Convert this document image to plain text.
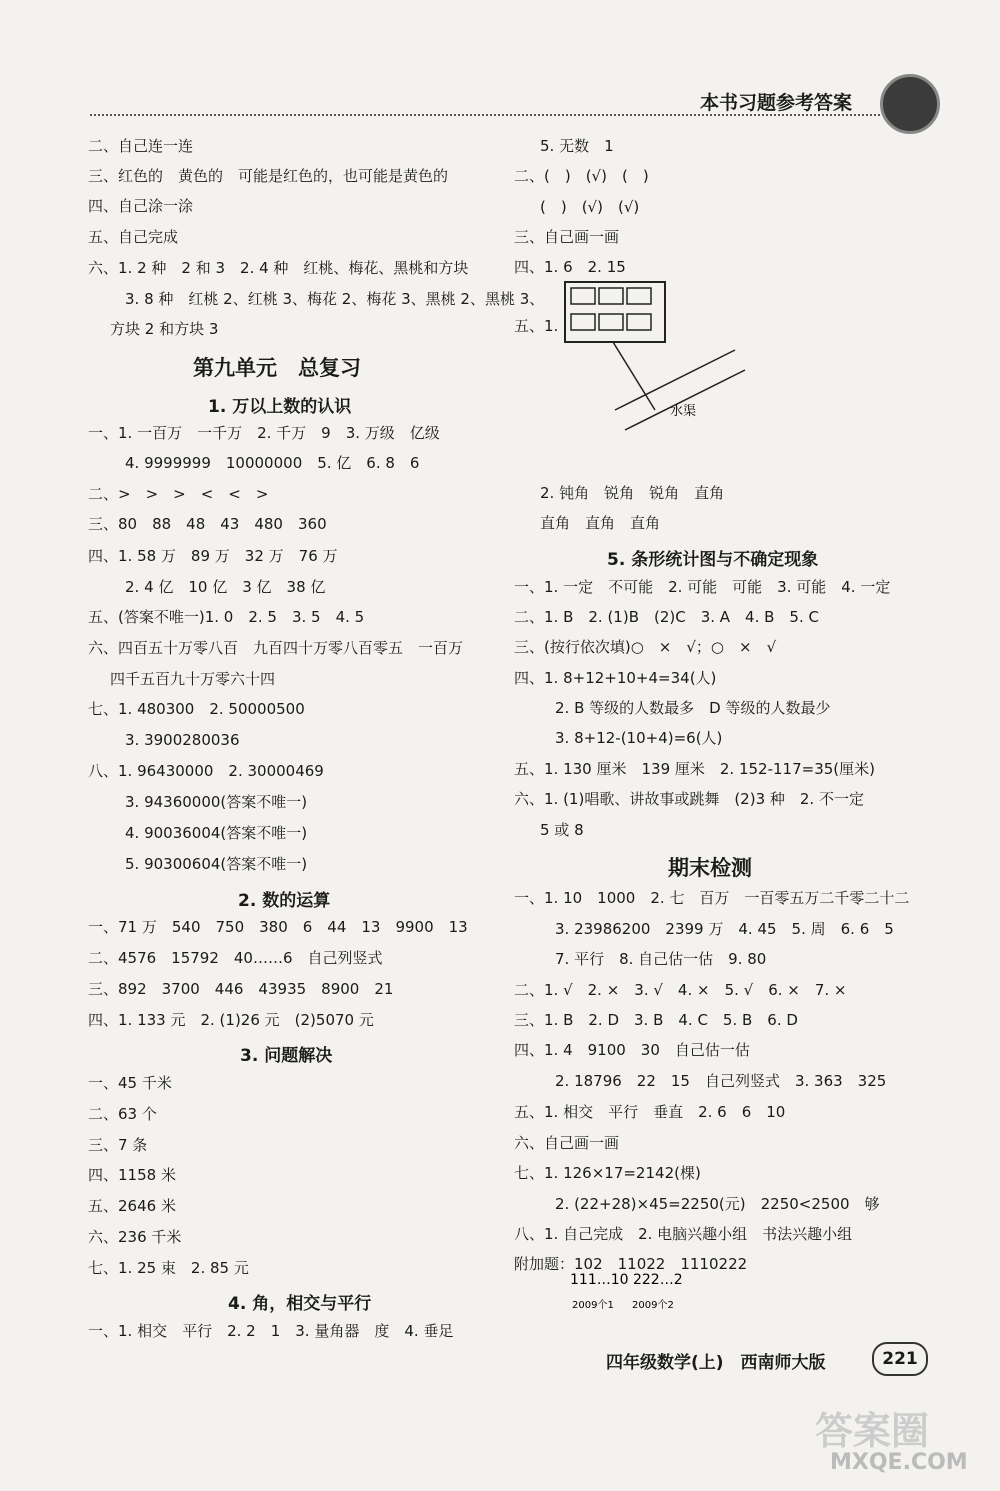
本书习题参考答案
水渠
111…10 222…2
2009个1 2009个2
四年级数学(上)　西南师大版	221
答案圈
MXQE.COM
二、自己连一连
三、红色的　黄色的　可能是红色的，也可能是黄色的
四、自己涂一涂
五、自己完成
六、1. 2 种　2 和 3　2. 4 种　红桃、梅花、黑桃和方块
　3. 8 种　红桃 2、红桃 3、梅花 2、梅花 3、黑桃 2、黑桃 3、
方块 2 和方块 3
第九单元　总复习
1. 万以上数的认识
一、1. 一百万　一千万　2. 千万　9　3. 万级　亿级
　4. 9999999　10000000　5. 亿　6. 8　6
二、>　>　>　<　<　>
三、80　88　48　43　480　360
四、1. 58 万　89 万　32 万　76 万
　2. 4 亿　10 亿　3 亿　38 亿
五、(答案不唯一)1. 0　2. 5　3. 5　4. 5
六、四百五十万零八百　九百四十万零八百零五　一百万
四千五百九十万零六十四
七、1. 480300　2. 50000500
　3. 3900280036
八、1. 96430000　2. 30000469
　3. 94360000(答案不唯一)
　4. 90036004(答案不唯一)
　5. 90300604(答案不唯一)
2. 数的运算
一、71 万　540　750　380　6　44　13　9900　13
二、4576　15792　40……6　自己列竖式
三、892　3700　446　43935　8900　21
四、1. 133 元　2. (1)26 元　(2)5070 元
3. 问题解决
一、45 千米
二、63 个
三、7 条
四、1158 米
五、2646 米
六、236 千米
七、1. 25 束　2. 85 元
4. 角，相交与平行
一、1. 相交　平行　2. 2　1　3. 量角器　度　4. 垂足
5. 无数　1
二、(　)　(√)　(　)
(　)　(√)　(√)
三、自己画一画
四、1. 6　2. 15
五、1.
2. 钝角　锐角　锐角　直角
直角　直角　直角
5. 条形统计图与不确定现象
一、1. 一定　不可能　2. 可能　可能　3. 可能　4. 一定
二、1. B　2. (1)B　(2)C　3. A　4. B　5. C
三、(按行依次填)○　×　√；○　×　√
四、1. 8+12+10+4=34(人)
　2. B 等级的人数最多　D 等级的人数最少
　3. 8+12-(10+4)=6(人)
五、1. 130 厘米　139 厘米　2. 152-117=35(厘米)
六、1. (1)唱歌、讲故事或跳舞　(2)3 种　2. 不一定
5 或 8
期末检测
一、1. 10　1000　2. 七　百万　一百零五万二千零二十二
　3. 23986200　2399 万　4. 45　5. 周　6. 6　5
　7. 平行　8. 自己估一估　9. 80
二、1. √　2. ×　3. √　4. ×　5. √　6. ×　7. ×
三、1. B　2. D　3. B　4. C　5. B　6. D
四、1. 4　9100　30　自己估一估
　2. 18796　22　15　自己列竖式　3. 363　325
五、1. 相交　平行　垂直　2. 6　6　10
六、自己画一画
七、1. 126×17=2142(棵)
　2. (22+28)×45=2250(元)　2250<2500　够
八、1. 自己完成　2. 电脑兴趣小组　书法兴趣小组
附加题：102　11022　1110222
